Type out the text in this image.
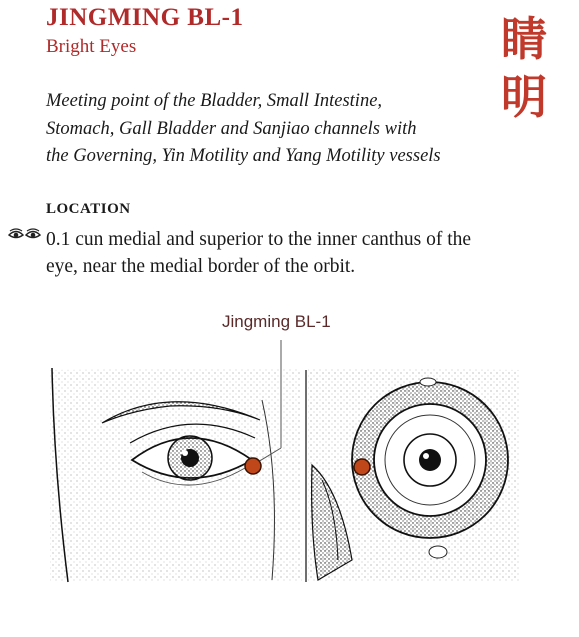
JINGMING BL-1
Bright Eyes	睛明
Meeting point of the Bladder, Small Intestine,
Stomach, Gall Bladder and Sanjiao channels with
the Governing, Yin Motility and Yang Motility vessels
LOCATION
0.1 cun medial and superior to the inner canthus of the
eye, near the medial border of the orbit.
Jingming BL-1
